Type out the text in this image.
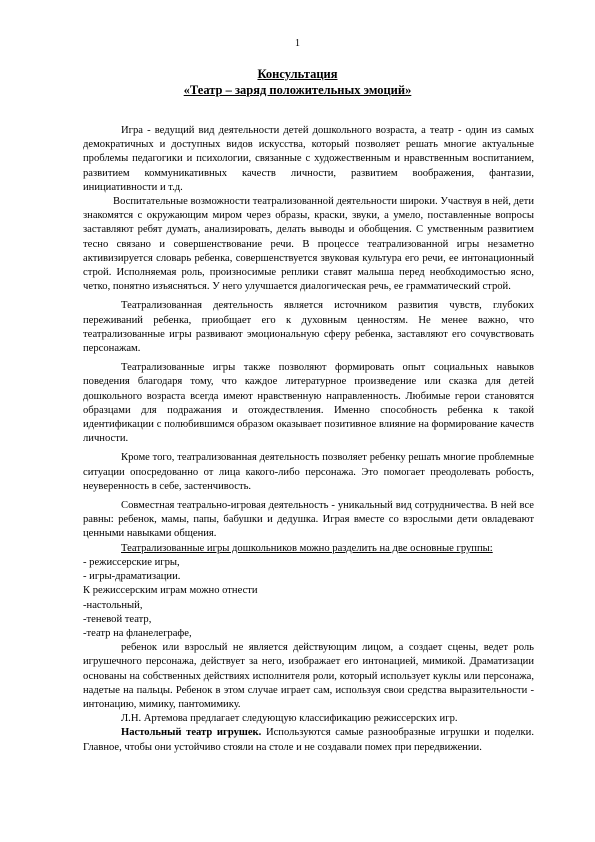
1
Консультация
«Театр – заряд положительных эмоций»

Игра - ведущий вид деятельности детей дошкольного возраста, а театр - один из самых демократичных и доступных видов искусства, который позволяет решать многие актуальные проблемы педагогики и психологии, связанные с художественным и нравственным воспитанием, развитием коммуникативных качеств личности, развитием воображения, фантазии, инициативности и т.д.

Воспитательные возможности театрализованной деятельности широки. Участвуя в ней, дети знакомятся с окружающим миром через образы, краски, звуки, а умело, поставленные вопросы заставляют ребят думать, анализировать, делать выводы и обобщения. С умственным развитием тесно связано и совершенствование речи. В процессе театрализованной игры незаметно активизируется словарь ребенка, совершенствуется звуковая культура его речи, ее интонационный строй. Исполняемая роль, произносимые реплики ставят малыша перед необходимостью ясно, четко, понятно изъясняться. У него улучшается диалогическая речь, ее грамматический строй.

Театрализованная деятельность является источником развития чувств, глубоких переживаний ребенка, приобщает его к духовным ценностям. Не менее важно, что театрализованные игры развивают эмоциональную сферу ребенка, заставляют его сочувствовать персонажам.

Театрализованные игры также позволяют формировать опыт социальных навыков поведения благодаря тому, что каждое литературное произведение или сказка для детей дошкольного возраста всегда имеют нравственную направленность. Любимые герои становятся образцами для подражания и отождествления. Именно способность ребенка к такой идентификации с полюбившимся образом оказывает позитивное влияние на формирование качеств личности.

Кроме того, театрализованная деятельность позволяет ребенку решать многие проблемные ситуации опосредованно от лица какого-либо персонажа. Это помогает преодолевать робость, неуверенность в себе, застенчивость.

Совместная театрально-игровая деятельность - уникальный вид сотрудничества. В ней все равны: ребенок, мамы, папы, бабушки и дедушка. Играя вместе со взрослыми дети овладевают ценными навыками общения.

Театрализованные игры дошкольников можно разделить на две основные группы:

- режиссерские игры,

- игры-драматизации.

К режиссерским играм можно отнести

-настольный,

-теневой театр,

-театр на фланелеграфе,

ребенок или взрослый не является действующим лицом, а создает сцены, ведет роль игрушечного персонажа, действует за него, изображает его интонацией, мимикой. Драматизации основаны на собственных действиях исполнителя роли, который использует куклы или персонажа, надетые на пальцы. Ребенок в этом случае играет сам, используя свои средства выразительности - интонацию, мимику, пантомимику.

Л.Н. Артемова предлагает следующую классификацию режиссерских игр.

Настольный театр игрушек. Используются самые разнообразные игрушки и поделки. Главное, чтобы они устойчиво стояли на столе и не создавали помех при передвижении.
